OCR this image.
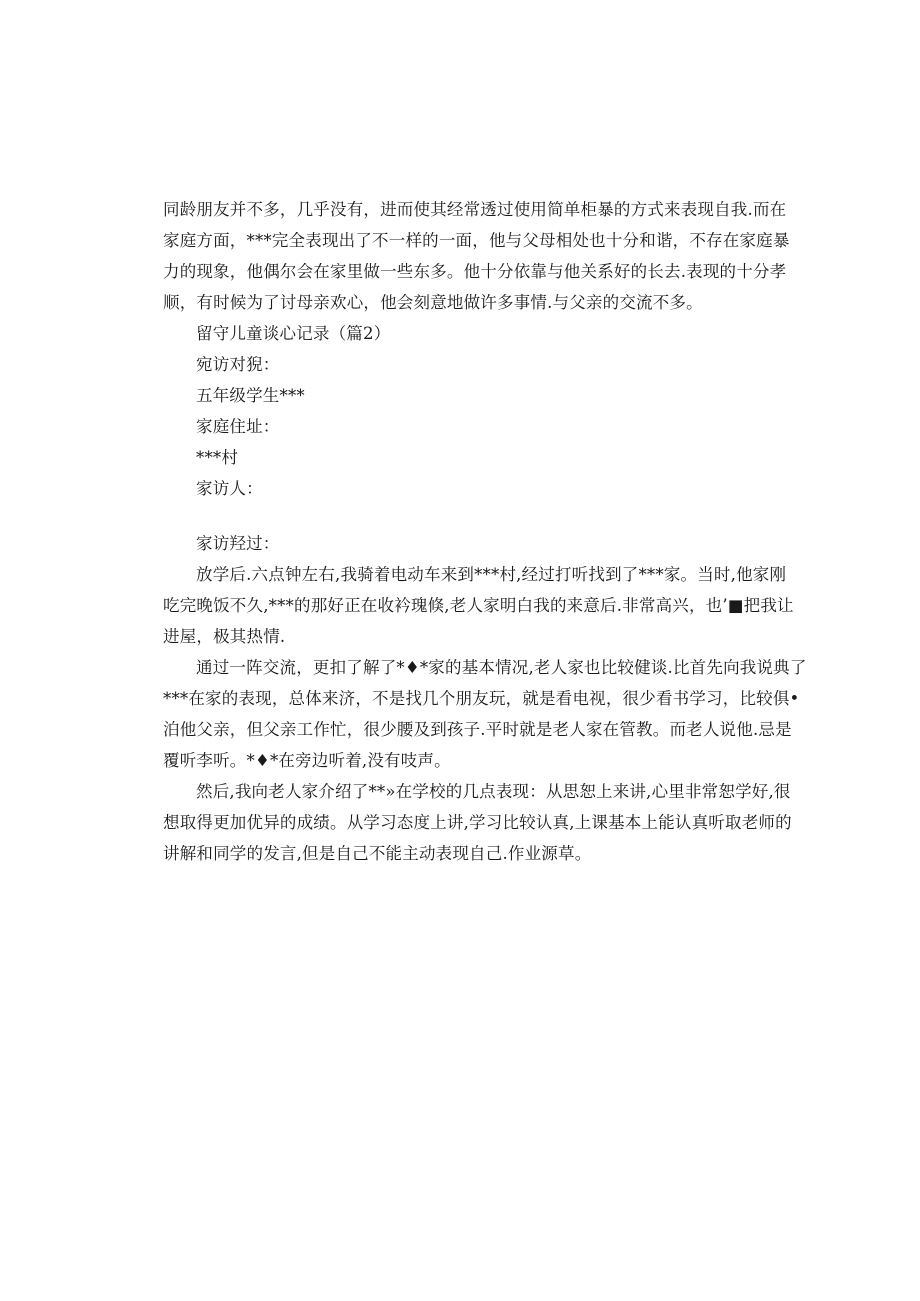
同龄朋友并不多，几乎没有，进而使其经常透过使用简单柜暴的方式来表现自我.而在
家庭方面，***完全表现出了不一样的一面，他与父母相处也十分和谐，不存在家庭暴
力的现象，他偶尔会在家里做一些东多。他十分依靠与他关系好的长去.表现的十分孝
顺，有时候为了讨母亲欢心，他会刻意地做许多事情.与父亲的交流不多。
留守儿童谈心记录（篇2）
宛访对猊：
五年级学生***
家庭住址：
***村
家访人：
家访羟过：
放学后.六点钟左右,我骑着电动车来到***村,经过打听找到了***家。当时,他家刚
吃完晚饭不久,***的那好正在收衿瑰倏,老人家明白我的来意后.非常高兴，也’■把我让
进屋，极其热情.
通过一阵交流，更扣了解了*♦*家的基本情况,老人家也比较健谈.比首先向我说典了
***在家的表现，总体来济，不是找几个朋友玩，就是看电视，很少看书学习，比较俱•
泊他父亲，但父亲工作忙，很少腰及到孩子.平时就是老人家在管教。而老人说他.忌是
覆听李听。*♦*在旁边听着,没有吱声。
然后,我向老人家介绍了**»在学校的几点表现：从思恕上来讲,心里非常恕学好,很
想取得更加优异的成绩。从学习态度上讲,学习比较认真,上课基本上能认真听取老师的
讲解和同学的发言,但是自己不能主动表现自己.作业源草。
